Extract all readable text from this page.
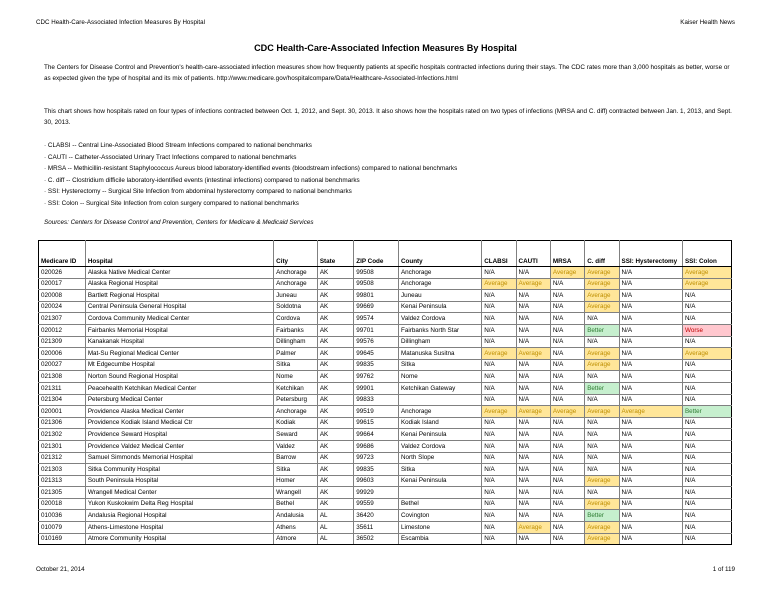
CDC Health-Care-Associated Infection Measures By Hospital	Kaiser Health News
CDC Health-Care-Associated Infection Measures By Hospital
The Centers for Disease Control and Prevention's health-care-associated infection measures show how frequently patients at specific hospitals contracted infections during their stays. The CDC rates more than 3,000 hospitals as better, worse or as expected given the type of hospital and its mix of patients. http://www.medicare.gov/hospitalcompare/Data/Healthcare-Associated-Infections.html
This chart shows how hospitals rated on four types of infections contracted between Oct. 1, 2012, and Sept. 30, 2013. It also shows how the hospitals rated on two types of infections (MRSA and C. diff) contracted between Jan. 1, 2013, and Sept. 30, 2013.
· CLABSI -- Central Line-Associated Blood Stream Infections compared to national benchmarks
· CAUTI -- Catheter-Associated Urinary Tract Infections compared to national benchmarks
· MRSA -- Methicillin-resistant Staphylococcus Aureus blood laboratory-identified events (bloodstream infections) compared to national benchmarks
· C. diff -- Clostridium difficile laboratory-identified events (intestinal infections) compared to national benchmarks
· SSI: Hysterectomy -- Surgical Site Infection from abdominal hysterectomy compared to national benchmarks
· SSI: Colon -- Surgical Site Infection from colon surgery compared to national benchmarks
Sources: Centers for Disease Control and Prevention, Centers for Medicare & Medicaid Services
Medicare ID	Hospital	City	State	ZIP Code	County	CLABSI	CAUTI	MRSA	C. diff	SSI: Hysterectomy	SSI: Colon
020026	Alaska Native Medical Center	Anchorage	AK	99508	Anchorage	N/A	N/A	Average	Average	N/A	Average
020017	Alaska Regional Hospital	Anchorage	AK	99508	Anchorage	Average	Average	N/A	Average	N/A	Average
020008	Bartlett Regional Hospital	Juneau	AK	99801	Juneau	N/A	N/A	N/A	Average	N/A	N/A
020024	Central Peninsula General Hospital	Soldotna	AK	99669	Kenai Peninsula	N/A	N/A	N/A	Average	N/A	N/A
021307	Cordova Community Medical Center	Cordova	AK	99574	Valdez Cordova	N/A	N/A	N/A	N/A	N/A	N/A
020012	Fairbanks Memorial Hospital	Fairbanks	AK	99701	Fairbanks North Star	N/A	N/A	N/A	Better	N/A	Worse
021309	Kanakanak Hospital	Dillingham	AK	99576	Dillingham	N/A	N/A	N/A	N/A	N/A	N/A
020006	Mat-Su Regional Medical Center	Palmer	AK	99645	Matanuska Susitna	Average	Average	N/A	Average	N/A	Average
020027	Mt Edgecumbe Hospital	Sitka	AK	99835	Sitka	N/A	N/A	N/A	Average	N/A	N/A
021308	Norton Sound Regional Hospital	Nome	AK	99762	Nome	N/A	N/A	N/A	N/A	N/A	N/A
021311	Peacehealth Ketchikan Medical Center	Ketchikan	AK	99901	Ketchikan Gateway	N/A	N/A	N/A	Better	N/A	N/A
021304	Petersburg Medical Center	Petersburg	AK	99833		N/A	N/A	N/A	N/A	N/A	N/A
020001	Providence Alaska Medical Center	Anchorage	AK	99519	Anchorage	Average	Average	Average	Average	Average	Better
021306	Providence Kodiak Island Medical Ctr	Kodiak	AK	99615	Kodiak Island	N/A	N/A	N/A	N/A	N/A	N/A
021302	Providence Seward Hospital	Seward	AK	99664	Kenai Peninsula	N/A	N/A	N/A	N/A	N/A	N/A
021301	Providence Valdez Medical Center	Valdez	AK	99686	Valdez Cordova	N/A	N/A	N/A	N/A	N/A	N/A
021312	Samuel Simmonds Memorial Hospital	Barrow	AK	99723	North Slope	N/A	N/A	N/A	N/A	N/A	N/A
021303	Sitka Community Hospital	Sitka	AK	99835	Sitka	N/A	N/A	N/A	N/A	N/A	N/A
021313	South Peninsula Hospital	Homer	AK	99603	Kenai Peninsula	N/A	N/A	N/A	Average	N/A	N/A
021305	Wrangell Medical Center	Wrangell	AK	99929		N/A	N/A	N/A	N/A	N/A	N/A
020018	Yukon Kuskokwim Delta Reg Hospital	Bethel	AK	99559	Bethel	N/A	N/A	N/A	Average	N/A	N/A
010036	Andalusia Regional Hospital	Andalusia	AL	36420	Covington	N/A	N/A	N/A	Better	N/A	N/A
010079	Athens-Limestone Hospital	Athens	AL	35611	Limestone	N/A	Average	N/A	Average	N/A	N/A
010169	Atmore Community Hospital	Atmore	AL	36502	Escambia	N/A	N/A	N/A	Average	N/A	N/A
October 21, 2014	1 of 119
